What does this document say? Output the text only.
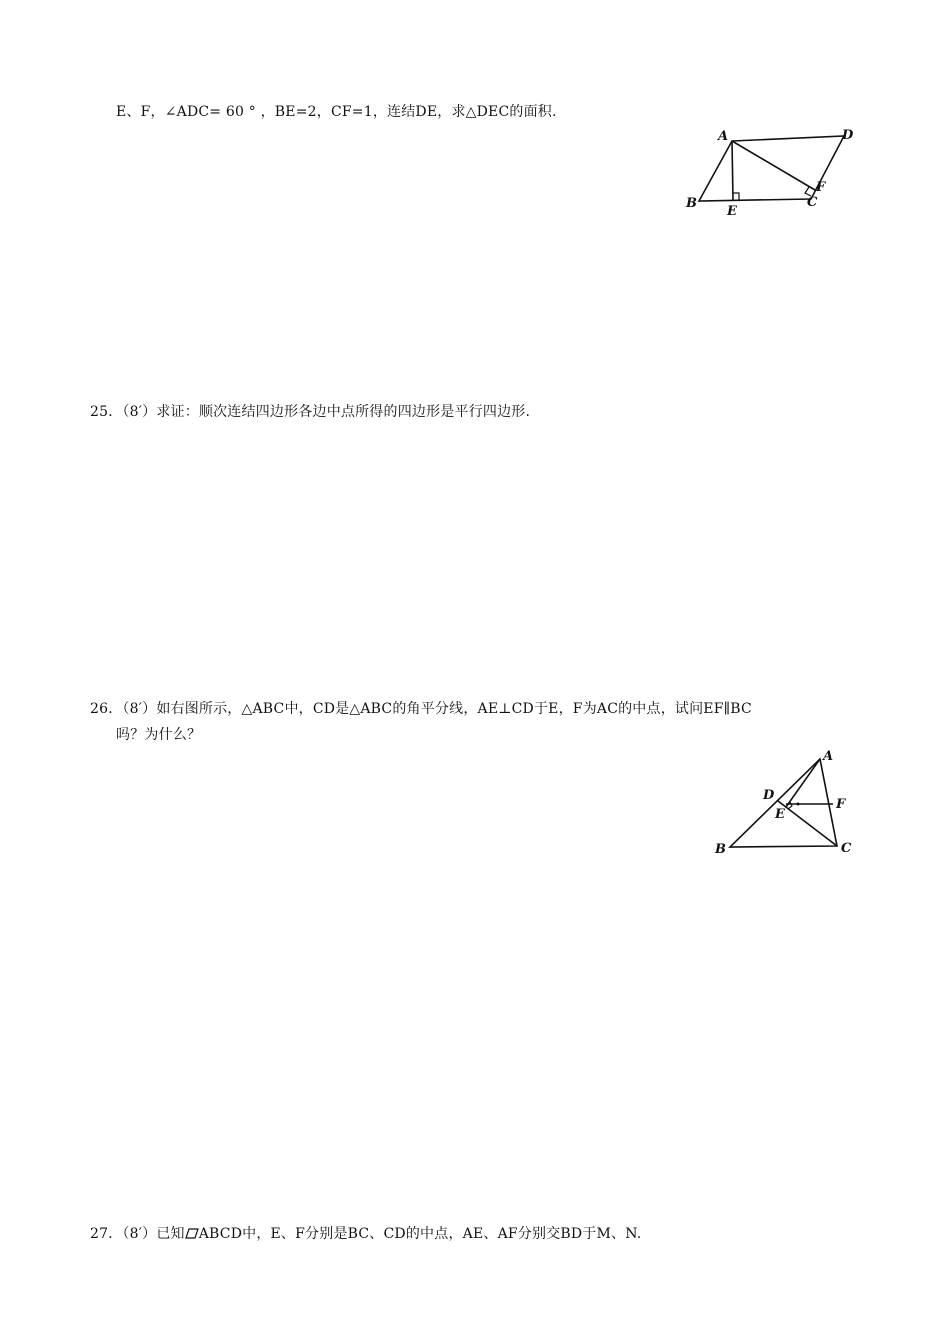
E、F，∠ADC= 60 ° ，BE=2，CF=1，连结DE，求△DEC的面积.
A	D
B
E
C
F
25．（8′）求证：顺次连结四边形各边中点所得的四边形是平行四边形.
26．（8′）如右图所示，△ABC中，CD是△ABC的角平分线，AE⊥CD于E，F为AC的中点，试问EF∥BC
吗？为什么？
A
D
E
F
B	C
27．（8′）已知 ABCD中，E、F分别是BC、CD的中点，AE、AF分别交BD于M、N.
